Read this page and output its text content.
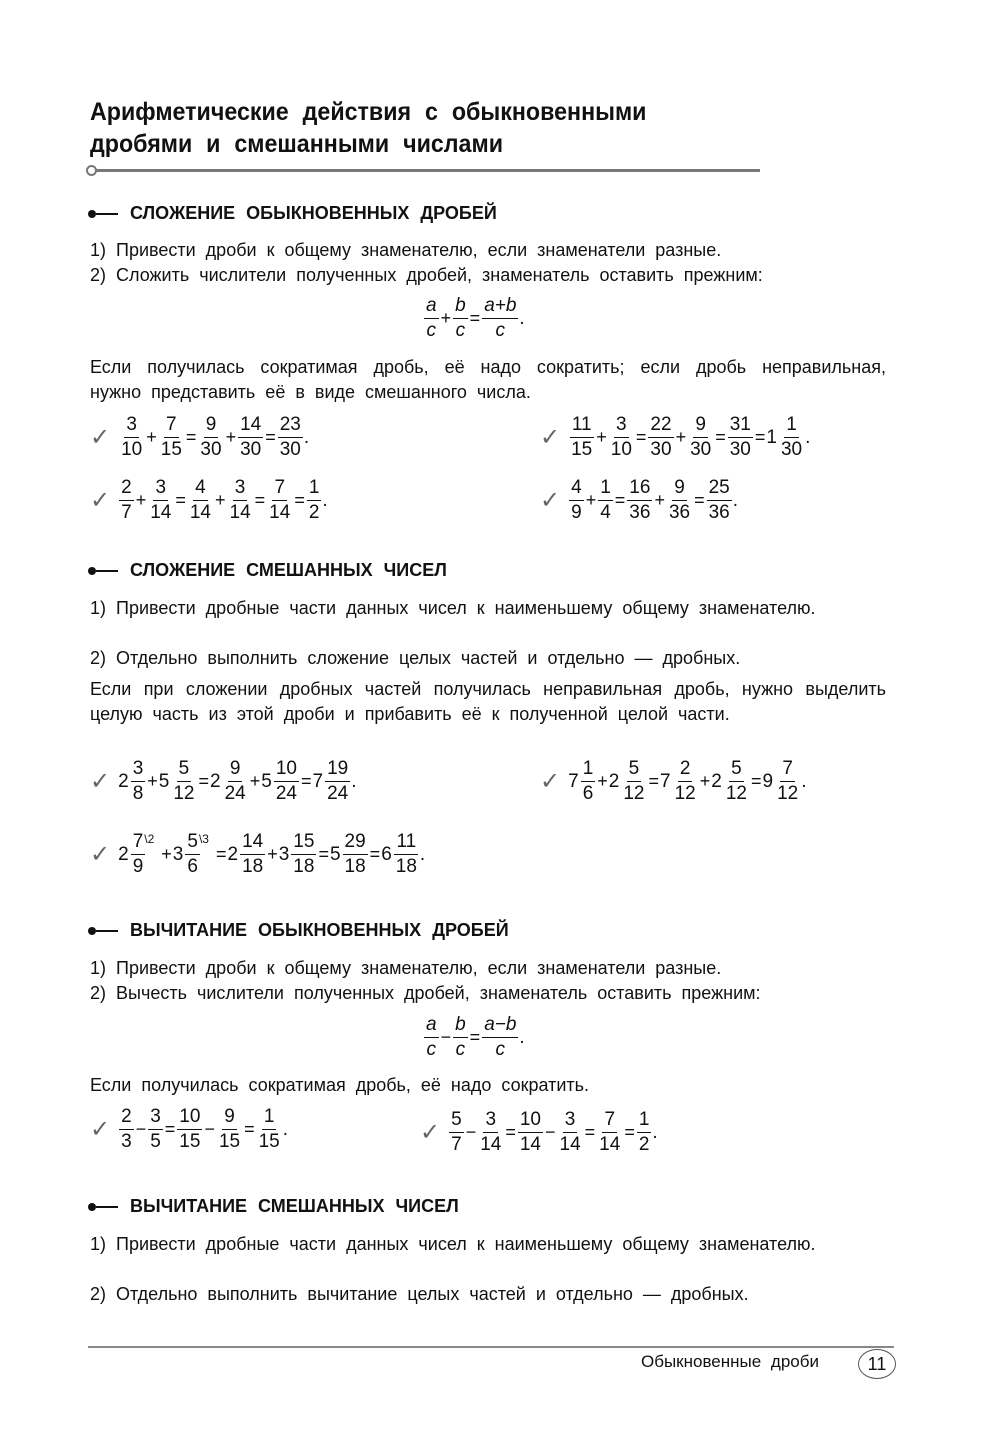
Арифметические действия с обыкновенными
дробями и смешанными числами
СЛОЖЕНИЕ ОБЫКНОВЕННЫХ ДРОБЕЙ
1) Привести дроби к общему знаменателю, если знаменатели разные.
2) Сложить числители полученных дробей, знаменатель оставить прежним:
$\frac{a}{c} + \frac{b}{c} = \frac{a+b}{c}$ .
Если получилась сократимая дробь, её надо сократить; если дробь неправильная, нужно представить её в виде смешанного числа.
✓ 3
10
+ $\frac{7}{15} = \frac{9}{30} + \frac{14}{30} = \frac{23}{30}$ .	✓ 11
15
+ $\frac{3}{10} = \frac{22}{30} + \frac{9}{30} = \frac{31}{30} = 1$
1
30
.
✓ 2
7
+ $\frac{3}{14} = \frac{4}{14} + \frac{3}{14} = \frac{7}{14} = \frac{1}{2}$ .	✓ 4
9
+ $\frac{1}{4} = \frac{16}{36} + \frac{9}{36} = \frac{25}{36}$ .
СЛОЖЕНИЕ СМЕШАННЫХ ЧИСЕЛ
1) Привести дробные части данных чисел к наименьшему общему знаменателю.
2) Отдельно выполнить сложение целых частей и отдельно — дробных.
Если при сложении дробных частей получилась неправильная дробь, нужно выделить целую часть из этой дроби и прибавить её к полученной целой части.
✓ 2
3
8
+ $5 \frac{5}{12} = 2$
9
24
+ $5 \frac{10}{24} = 7$
19
24
.	✓ 7
1
6
+ $2 \frac{5}{12} = 7$
2
12
+ $2 \frac{5}{12} = 9$
7
12
.
✓ 2
7
9
\2
+ 3
5
6
\3
= 2
14
18
+ $3 \frac{15}{18} = 5 \frac{29}{18} = 6$
11
18
.
ВЫЧИТАНИЕ ОБЫКНОВЕННЫХ ДРОБЕЙ
1) Привести дроби к общему знаменателю, если знаменатели разные.
2) Вычесть числители полученных дробей, знаменатель оставить прежним:
a
c
− $\frac{b}{c} = \frac{a-b}{c}$ .
Если получилась сократимая дробь, её надо сократить.
✓ 2
3
− $\frac{3}{5} = \frac{10}{15} - \frac{9}{15} = \frac{1}{15}$ .	✓ 5
7
− $\frac{3}{14} = \frac{10}{14} - \frac{3}{14} = \frac{7}{14} = \frac{1}{2}$ .
ВЫЧИТАНИЕ СМЕШАННЫХ ЧИСЕЛ
1) Привести дробные части данных чисел к наименьшему общему знаменателю.
2) Отдельно выполнить вычитание целых частей и отдельно — дробных.
Обыкновенные дроби	11
